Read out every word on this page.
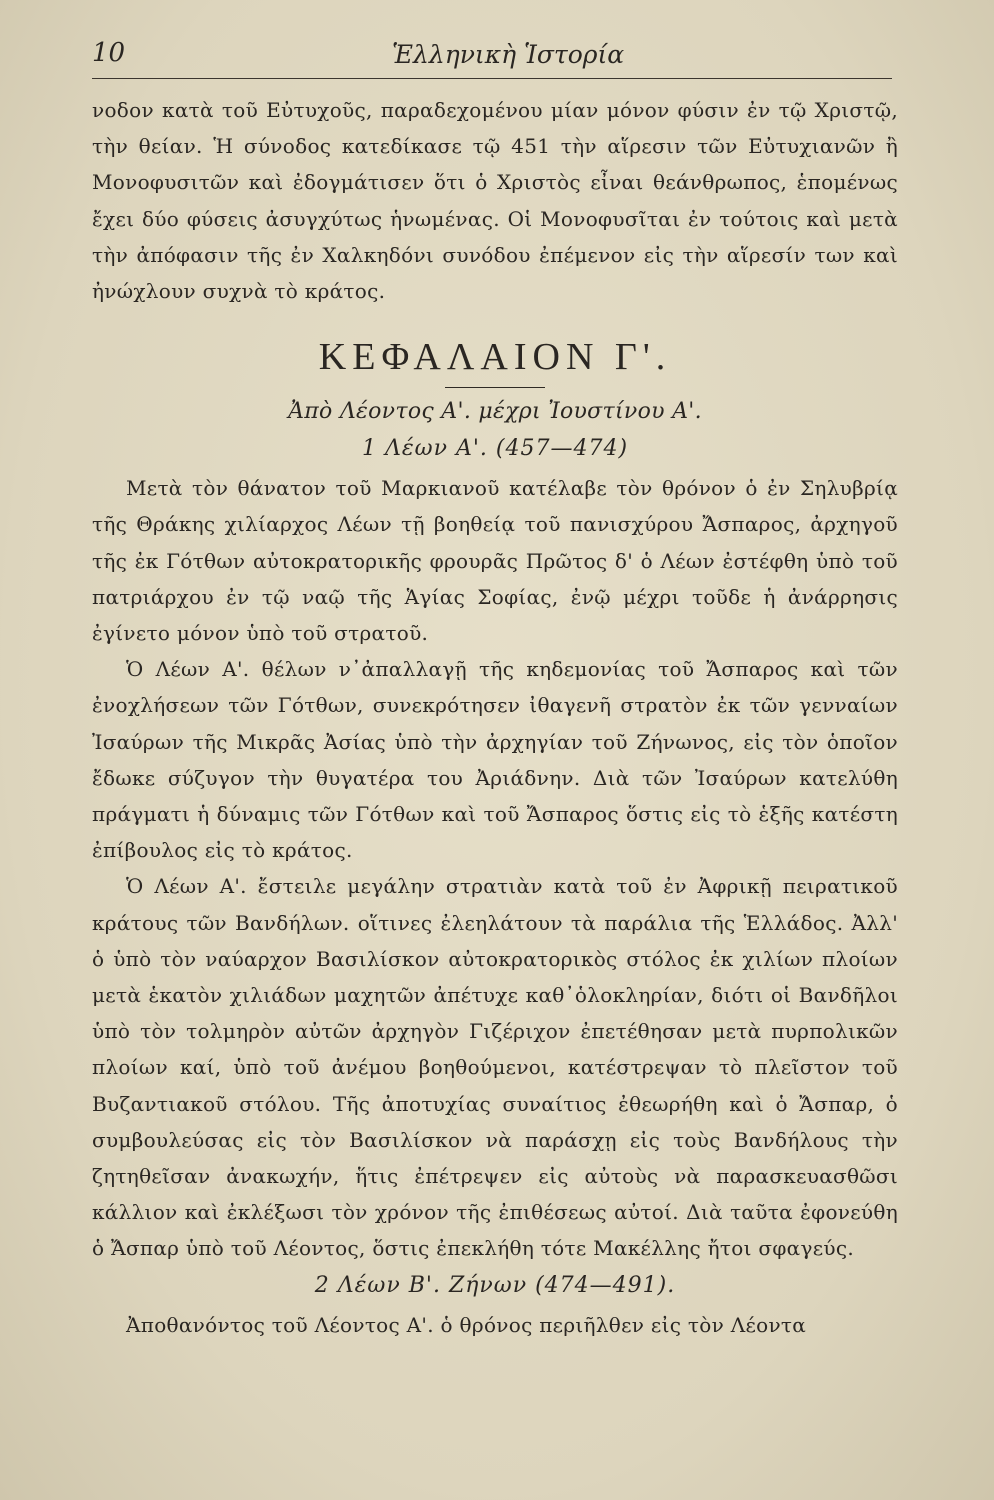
10	Ἑλληνικὴ Ἱστορία

νοδον κατὰ τοῦ Εὐτυχοῦς, παραδεχομένου μίαν μόνον φύσιν ἐν τῷ Χριστῷ, τὴν θείαν. Ἡ σύνοδος κατεδίκασε τῷ 451 τὴν αἵρεσιν τῶν Εὐτυχιανῶν ἢ Μονοφυσιτῶν καὶ ἐδογμάτισεν ὅτι ὁ Χριστὸς εἶναι θεάνθρωπος, ἑπομένως ἔχει δύο φύσεις ἀσυγχύτως ἡνωμένας. Οἱ Μονοφυσῖται ἐν τούτοις καὶ μετὰ τὴν ἀπόφασιν τῆς ἐν Χαλκηδόνι συνόδου ἐπέμενον εἰς τὴν αἵρεσίν των καὶ ἠνώχλουν συχνὰ τὸ κράτος.

ΚΕΦΑΛΑΙΟΝ Γ'.
Ἀπὸ Λέοντος Α'. μέχρι Ἰουστίνου Α'.
1 Λέων Α'. (457—474)

Μετὰ τὸν θάνατον τοῦ Μαρκιανοῦ κατέλαβε τὸν θρόνον ὁ ἐν Σηλυβρίᾳ τῆς Θράκης χιλίαρχος Λέων τῇ βοηθείᾳ τοῦ πανισχύρου Ἄσπαρος, ἀρχηγοῦ τῆς ἐκ Γότθων αὐτοκρατορικῆς φρουρᾶς Πρῶτος δ' ὁ Λέων ἐστέφθη ὑπὸ τοῦ πατριάρχου ἐν τῷ ναῷ τῆς Ἁγίας Σοφίας, ἐνῷ μέχρι τοῦδε ἡ ἀνάρρησις ἐγίνετο μόνον ὑπὸ τοῦ στρατοῦ.

Ὁ Λέων Α'. θέλων ν᾽ἀπαλλαγῇ τῆς κηδεμονίας τοῦ Ἄσπαρος καὶ τῶν ἐνοχλήσεων τῶν Γότθων, συνεκρότησεν ἰθαγενῆ στρατὸν ἐκ τῶν γενναίων Ἰσαύρων τῆς Μικρᾶς Ἀσίας ὑπὸ τὴν ἀρχηγίαν τοῦ Ζήνωνος, εἰς τὸν ὁποῖον ἔδωκε σύζυγον τὴν θυγατέρα του Ἀριάδνην. Διὰ τῶν Ἰσαύρων κατελύθη πράγματι ἡ δύναμις τῶν Γότθων καὶ τοῦ Ἄσπαρος ὅστις εἰς τὸ ἑξῆς κατέστη ἐπίβουλος εἰς τὸ κράτος.

Ὁ Λέων Α'. ἔστειλε μεγάλην στρατιὰν κατὰ τοῦ ἐν Ἀφρικῇ πειρατικοῦ κράτους τῶν Βανδήλων. οἵτινες ἐλεηλάτουν τὰ παράλια τῆς Ἑλλάδος. Ἀλλ' ὁ ὑπὸ τὸν ναύαρχον Βασιλίσκον αὐτοκρατορικὸς στόλος ἐκ χιλίων πλοίων μετὰ ἑκατὸν χιλιάδων μαχητῶν ἀπέτυχε καθ᾽ὁλοκληρίαν, διότι οἱ Βανδῆλοι ὑπὸ τὸν τολμηρὸν αὐτῶν ἀρχηγὸν Γιζέριχον ἐπετέθησαν μετὰ πυρπολικῶν πλοίων καί, ὑπὸ τοῦ ἀνέμου βοηθούμενοι, κατέστρεψαν τὸ πλεῖστον τοῦ Βυζαντιακοῦ στόλου. Τῆς ἀποτυχίας συναίτιος ἐθεωρήθη καὶ ὁ Ἄσπαρ, ὁ συμβουλεύσας εἰς τὸν Βασιλίσκον νὰ παράσχῃ εἰς τοὺς Βανδήλους τὴν ζητηθεῖσαν ἀνακωχήν, ἥτις ἐπέτρεψεν εἰς αὐτοὺς νὰ παρασκευασθῶσι κάλλιον καὶ ἐκλέξωσι τὸν χρόνον τῆς ἐπιθέσεως αὐτοί. Διὰ ταῦτα ἐφονεύθη ὁ Ἄσπαρ ὑπὸ τοῦ Λέοντος, ὅστις ἐπεκλήθη τότε Μακέλλης ἤτοι σφαγεύς.

2 Λέων Β'. Ζήνων (474—491).

Ἀποθανόντος τοῦ Λέοντος Α'. ὁ θρόνος περιῆλθεν εἰς τὸν Λέοντα
